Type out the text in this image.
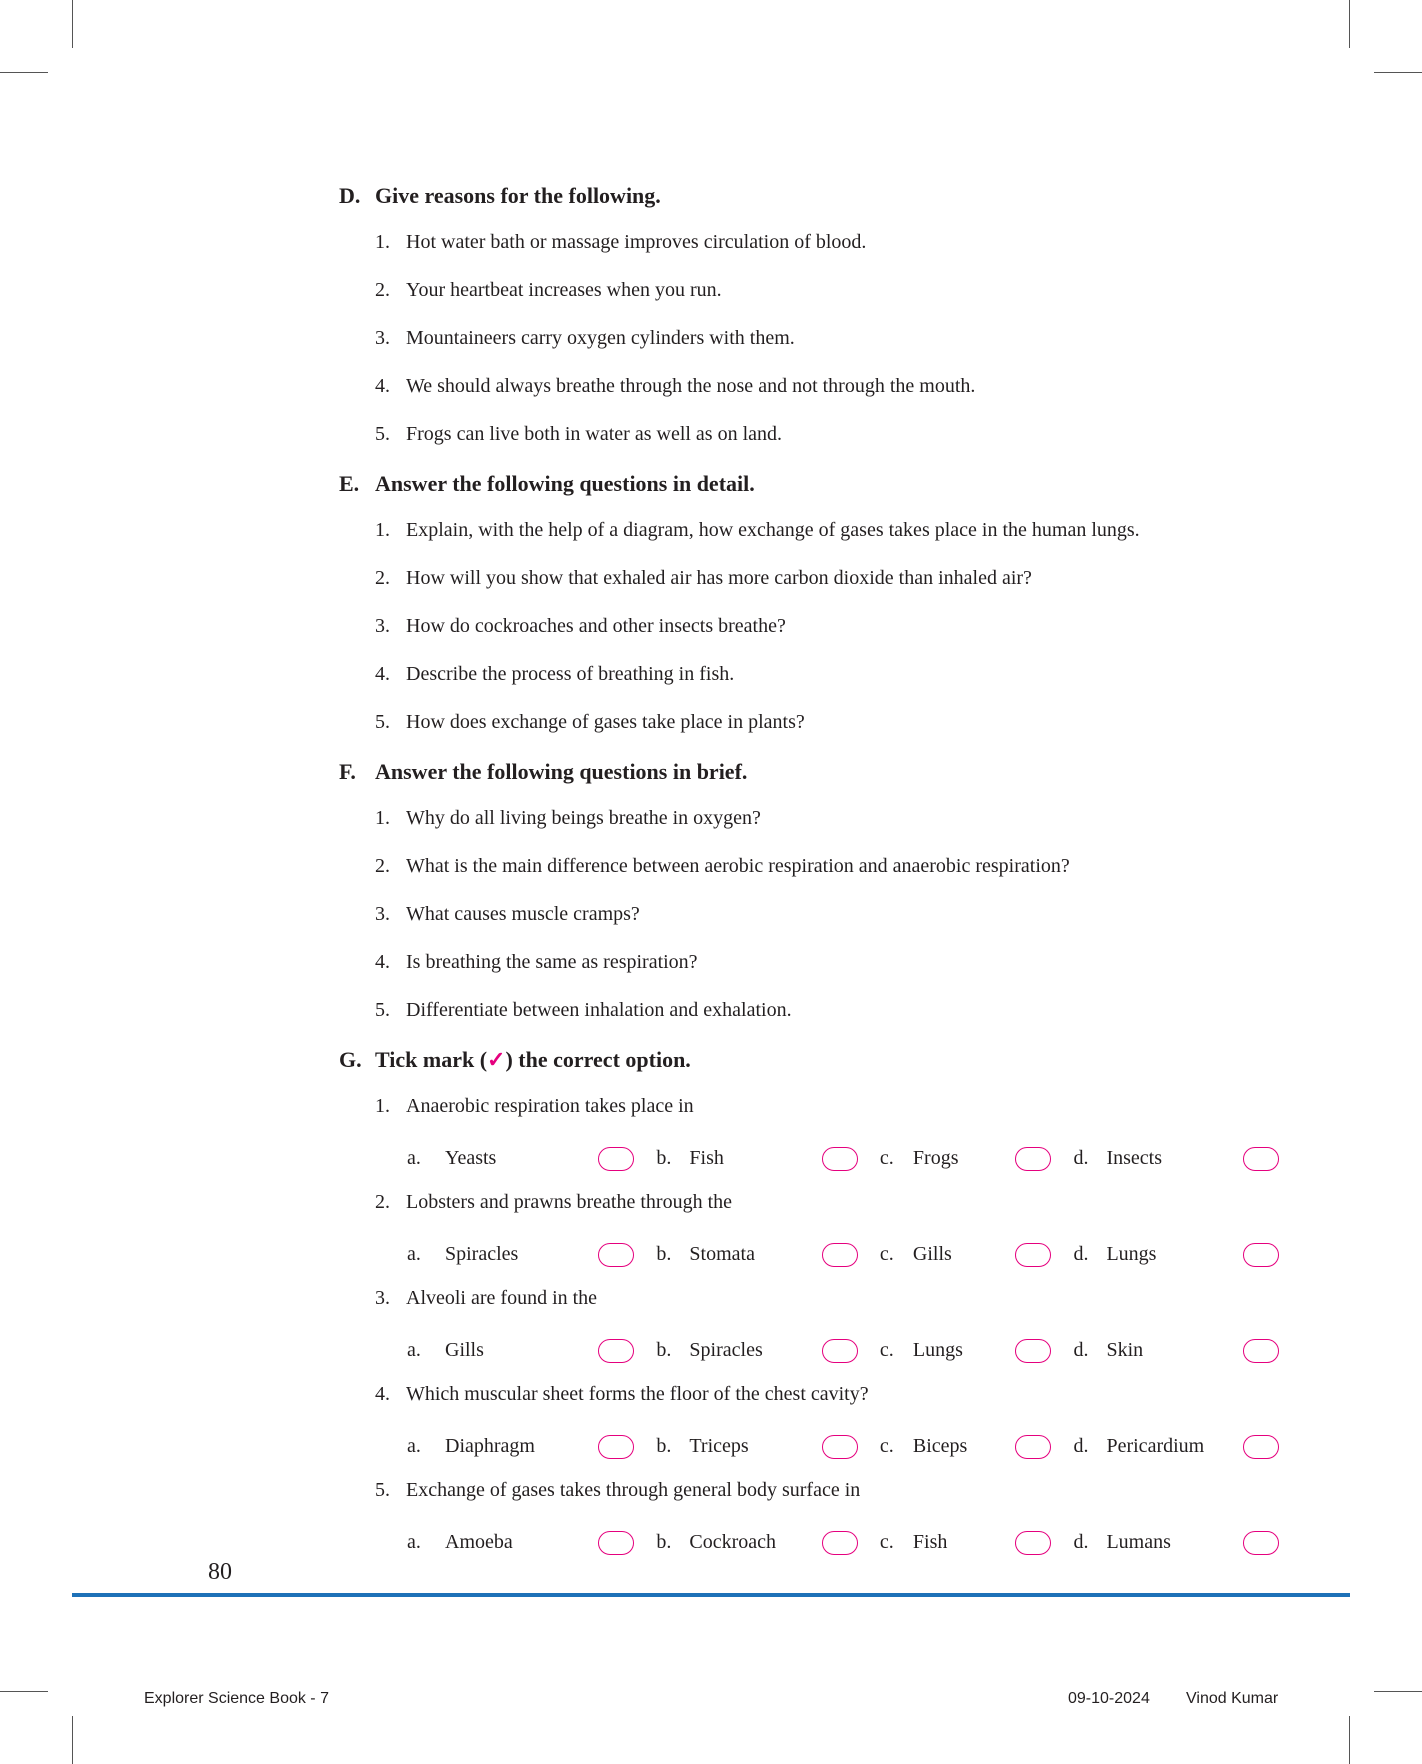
D. Give reasons for the following.
1. Hot water bath or massage improves circulation of blood.
2. Your heartbeat increases when you run.
3. Mountaineers carry oxygen cylinders with them.
4. We should always breathe through the nose and not through the mouth.
5. Frogs can live both in water as well as on land.
E. Answer the following questions in detail.
1. Explain, with the help of a diagram, how exchange of gases takes place in the human lungs.
2. How will you show that exhaled air has more carbon dioxide than inhaled air?
3. How do cockroaches and other insects breathe?
4. Describe the process of breathing in fish.
5. How does exchange of gases take place in plants?
F. Answer the following questions in brief.
1. Why do all living beings breathe in oxygen?
2. What is the main difference between aerobic respiration and anaerobic respiration?
3. What causes muscle cramps?
4. Is breathing the same as respiration?
5. Differentiate between inhalation and exhalation.
G. Tick mark ( ✓ ) the correct option.
1. Anaerobic respiration takes place in
a.	Yeasts	b. Fish	c. Frogs	d. Insects
2. Lobsters and prawns breathe through the
a.	Spiracles	b. Stomata	c. Gills	d. Lungs
3. Alveoli are found in the
a.	Gills	b. Spiracles	c. Lungs	d. Skin
4. Which muscular sheet forms the floor of the chest cavity?
a.	Diaphragm	b. Triceps	c. Biceps	d. Pericardium
5. Exchange of gases takes through general body surface in
a.	Amoeba	b. Cockroach	c. Fish	d. Lumans
80
Explorer Science Book - 7	09-10-2024 Vinod Kumar
